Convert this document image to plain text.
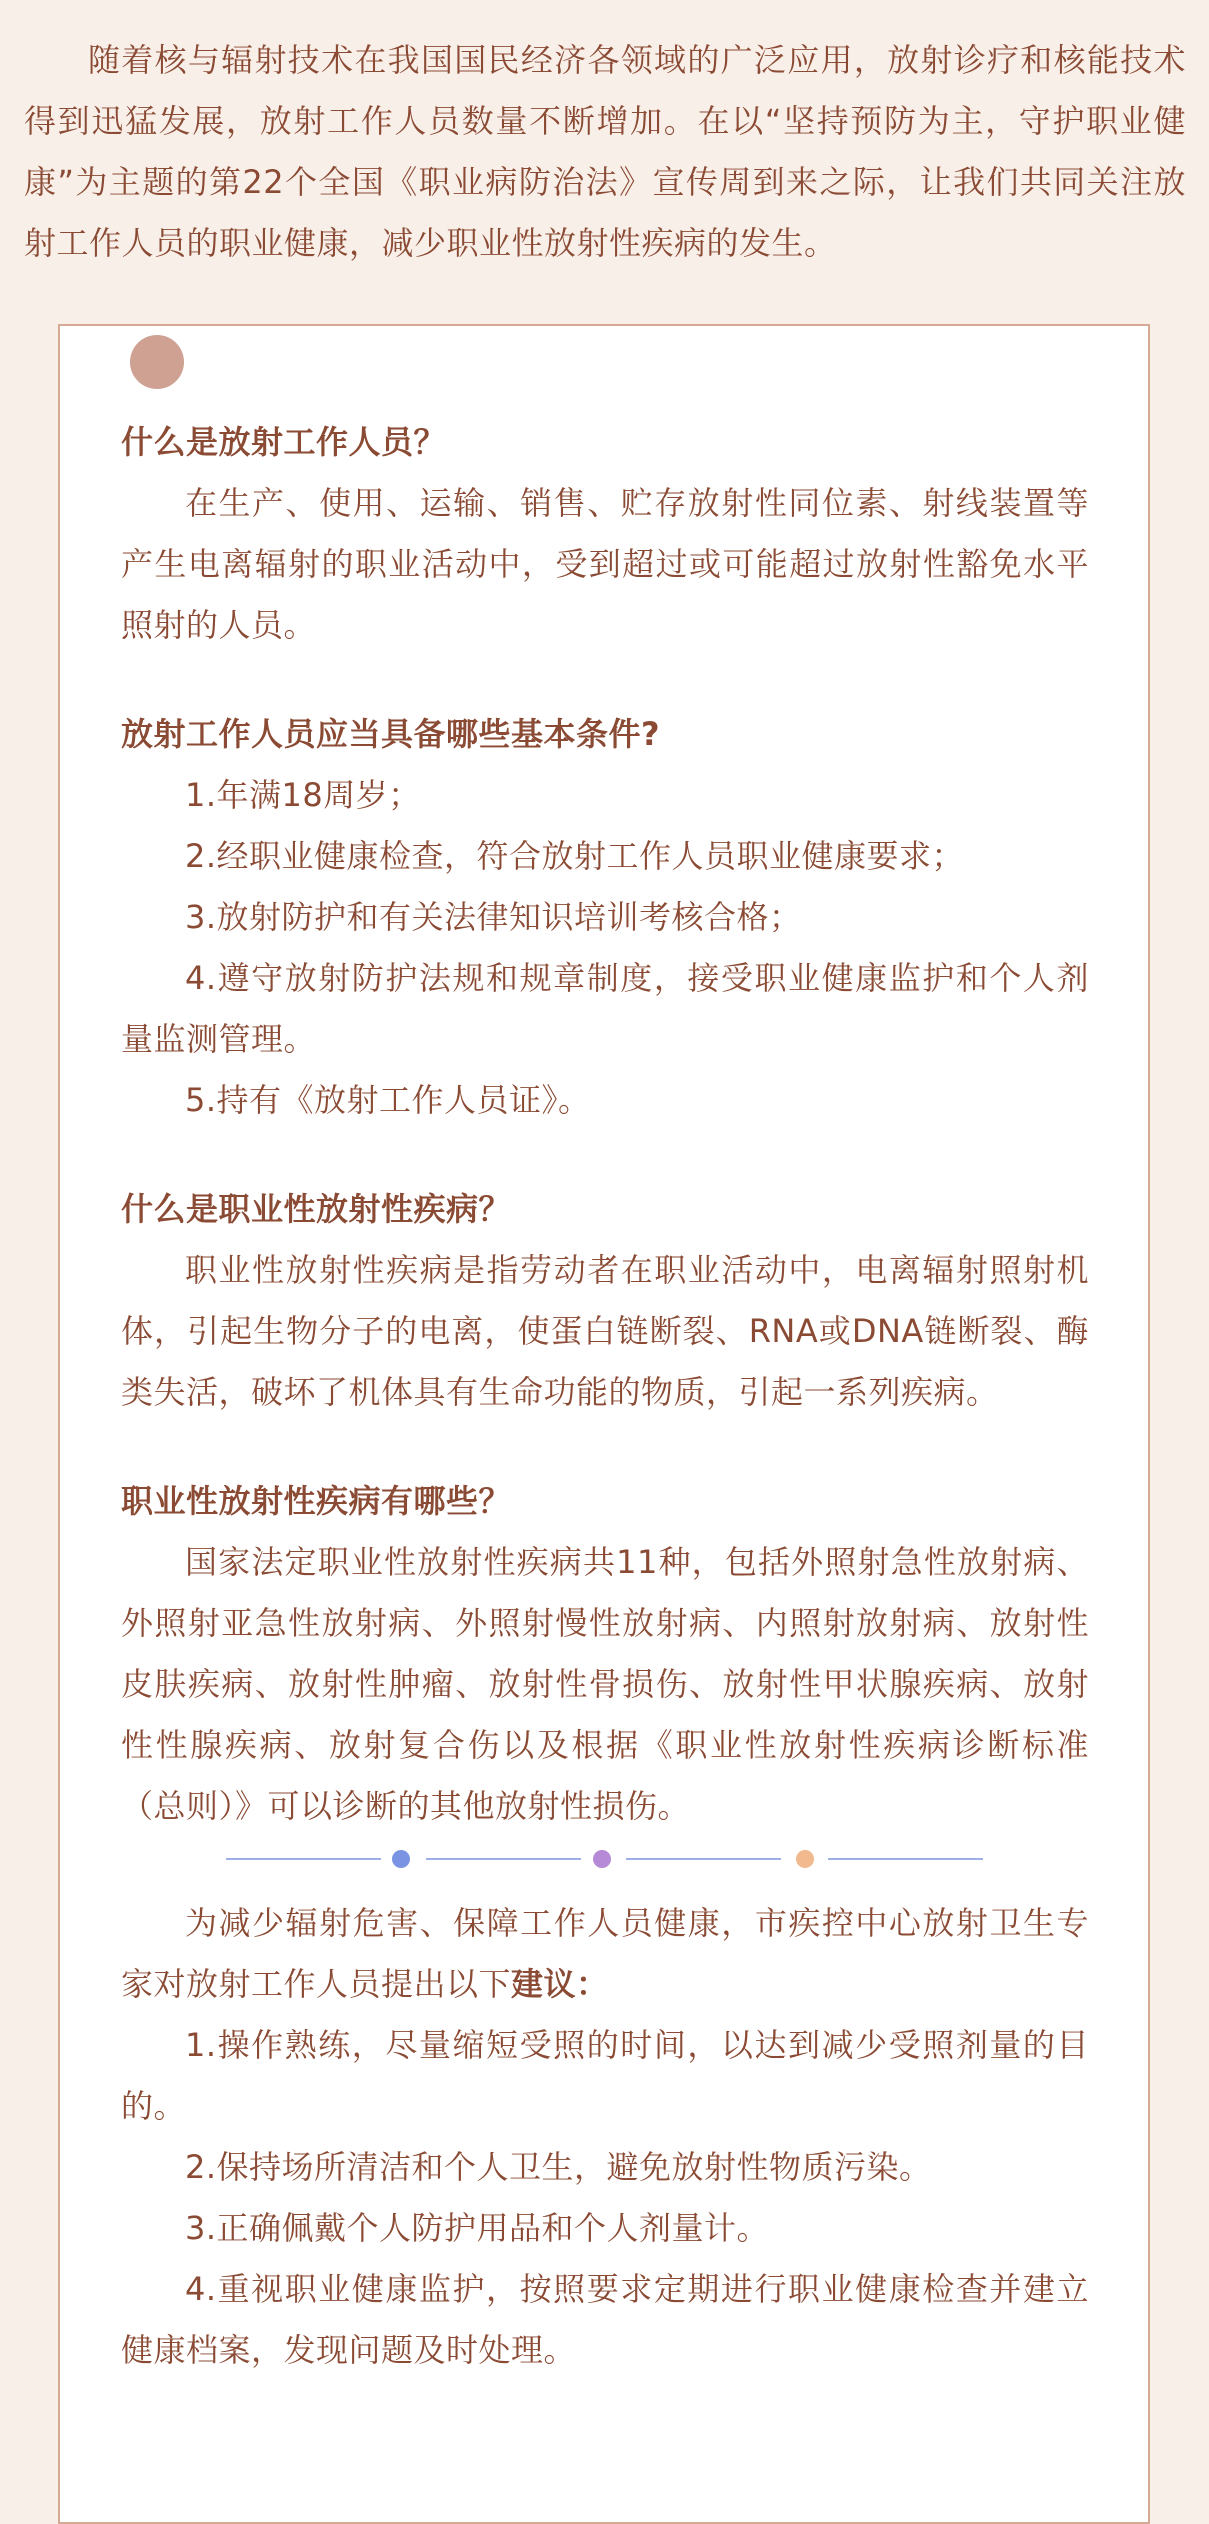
随着核与辐射技术在我国国民经济各领域的广泛应用，放射诊疗和核能技术得到迅猛发展，放射工作人员数量不断增加。在以“坚持预防为主，守护职业健康”为主题的第22个全国《职业病防治法》宣传周到来之际，让我们共同关注放射工作人员的职业健康，减少职业性放射性疾病的发生。

什么是放射工作人员？

在生产、使用、运输、销售、贮存放射性同位素、射线装置等产生电离辐射的职业活动中，受到超过或可能超过放射性豁免水平照射的人员。

放射工作人员应当具备哪些基本条件?

1.年满18周岁；

2.经职业健康检查，符合放射工作人员职业健康要求；

3.放射防护和有关法律知识培训考核合格；

4.遵守放射防护法规和规章制度，接受职业健康监护和个人剂量监测管理。

5.持有《放射工作人员证》。

什么是职业性放射性疾病？

职业性放射性疾病是指劳动者在职业活动中，电离辐射照射机体，引起生物分子的电离，使蛋白链断裂、RNA或DNA链断裂、酶类失活，破坏了机体具有生命功能的物质，引起一系列疾病。

职业性放射性疾病有哪些？

国家法定职业性放射性疾病共11种，包括外照射急性放射病、外照射亚急性放射病、外照射慢性放射病、内照射放射病、放射性皮肤疾病、放射性肿瘤、放射性骨损伤、放射性甲状腺疾病、放射性性腺疾病、放射复合伤以及根据《职业性放射性疾病诊断标准（总则）》可以诊断的其他放射性损伤。

为减少辐射危害、保障工作人员健康，市疾控中心放射卫生专家对放射工作人员提出以下建议：

1.操作熟练，尽量缩短受照的时间，以达到减少受照剂量的目的。

2.保持场所清洁和个人卫生，避免放射性物质污染。

3.正确佩戴个人防护用品和个人剂量计。

4.重视职业健康监护，按照要求定期进行职业健康检查并建立健康档案，发现问题及时处理。
